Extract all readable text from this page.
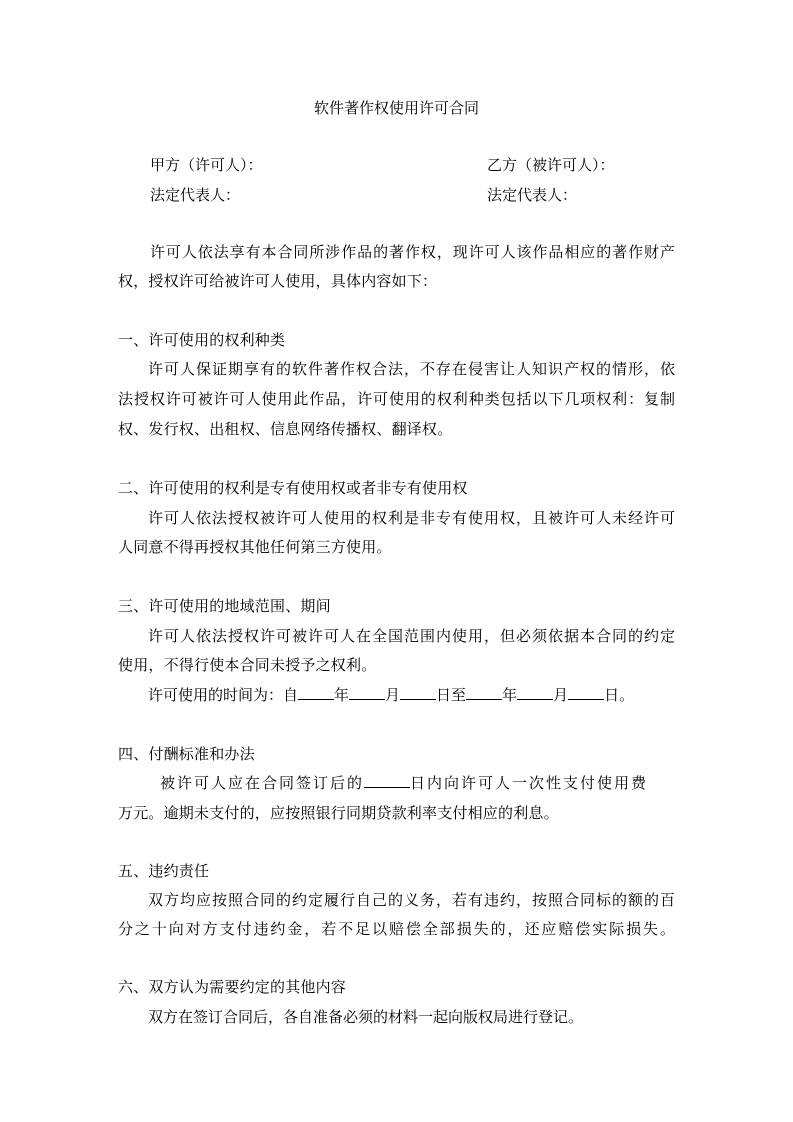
软件著作权使用许可合同
甲方（许可人）：	乙方（被许可人）：
法定代表人：	法定代表人：
许可人依法享有本合同所涉作品的著作权，现许可人该作品相应的著作财产
权，授权许可给被许可人使用，具体内容如下：
一、许可使用的权利种类
许可人保证期享有的软件著作权合法，不存在侵害让人知识产权的情形，依
法授权许可被许可人使用此作品，许可使用的权利种类包括以下几项权利：复制
权、发行权、出租权、信息网络传播权、翻译权。
二、许可使用的权利是专有使用权或者非专有使用权
许可人依法授权被许可人使用的权利是非专有使用权，且被许可人未经许可
人同意不得再授权其他任何第三方使用。
三、许可使用的地域范围、期间
许可人依法授权许可被许可人在全国范围内使用，但必须依据本合同的约定
使用，不得行使本合同未授予之权利。
许可使用的时间为：自 年 月 日至 年 月 日。
四、付酬标准和办法
被许可人应在合同签订后的	日内向许可人一次性支付使用费
万元。逾期未支付的，应按照银行同期贷款利率支付相应的利息。
五、违约责任
双方均应按照合同的约定履行自己的义务，若有违约，按照合同标的额的百
分之十向对方支付违约金，若不足以赔偿全部损失的，还应赔偿实际损失。
六、双方认为需要约定的其他内容
双方在签订合同后，各自准备必须的材料一起向版权局进行登记。
